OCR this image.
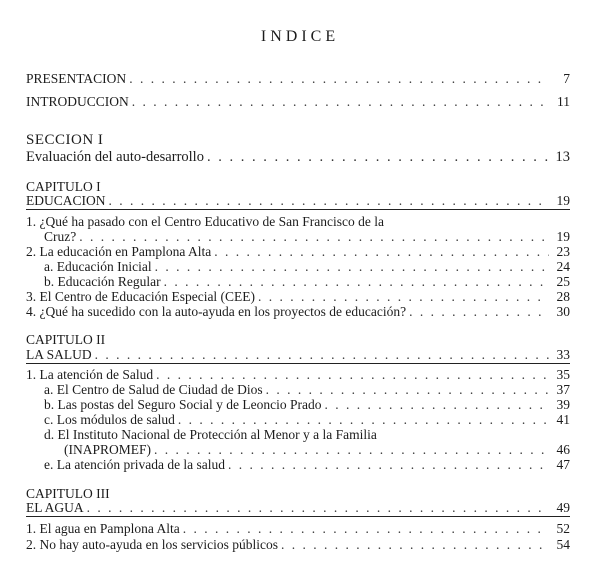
INDICE
PRESENTACION . . .	7
INTRODUCCION . . .	11
SECCION I
Evaluación del auto-desarrollo . . .	13
CAPITULO I
EDUCACION . . .	19
1. ¿Qué ha pasado con el Centro Educativo de San Francisco de la
Cruz? . . .	19
2. La educación en Pamplona Alta . . .	23
a. Educación Inicial . . .	24
b. Educación Regular . . .	25
3. El Centro de Educación Especial (CEE) . . .	28
4. ¿Qué ha sucedido con la auto-ayuda en los proyectos de educación? . . .	30
CAPITULO II
LA SALUD . . .	33
1. La atención de Salud . . .	35
a. El Centro de Salud de Ciudad de Dios . . .	37
b. Las postas del Seguro Social y de Leoncio Prado . . .	39
c. Los módulos de salud . . .	41
d. El Instituto Nacional de Protección al Menor y a la Familia
(INAPROMEF) . . .	46
e. La atención privada de la salud . . .	47
CAPITULO III
EL AGUA . . .	49
1. El agua en Pamplona Alta . . .	52
2. No hay auto-ayuda en los servicios públicos . . .	54
